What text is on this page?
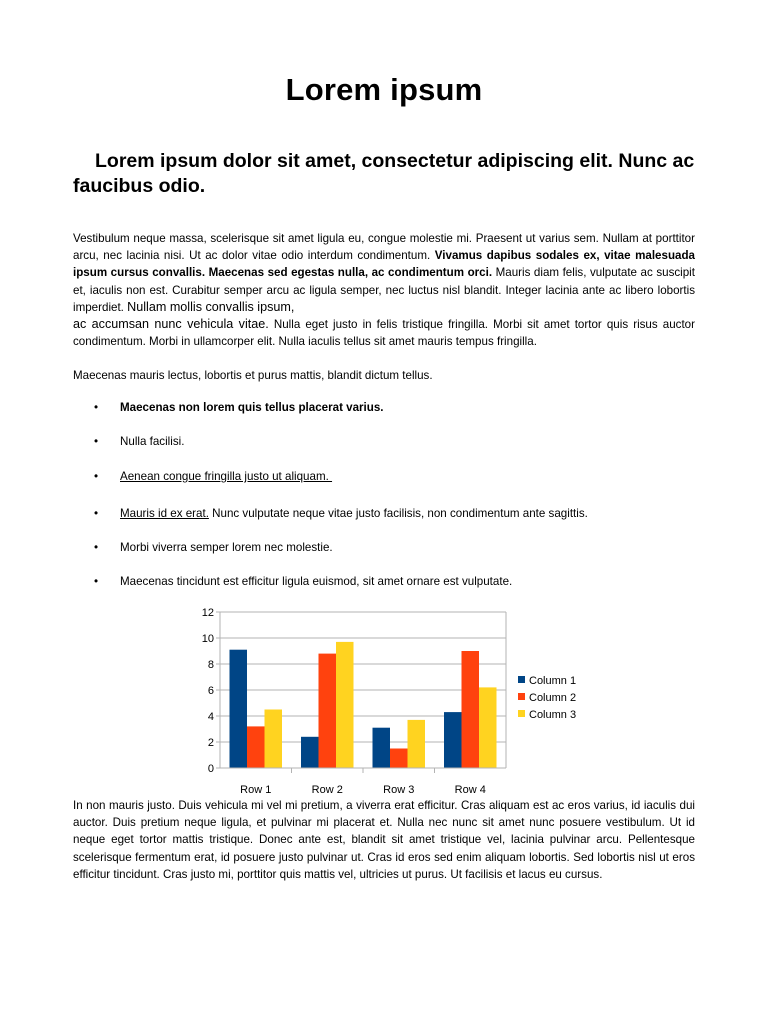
Lorem ipsum
Lorem ipsum dolor sit amet, consectetur adipiscing elit. Nunc ac faucibus odio.
Vestibulum neque massa, scelerisque sit amet ligula eu, congue molestie mi. Praesent ut varius sem. Nullam at porttitor arcu, nec lacinia nisi. Ut ac dolor vitae odio interdum condimentum. Vivamus dapibus sodales ex, vitae malesuada ipsum cursus convallis. Maecenas sed egestas nulla, ac condimentum orci. Mauris diam felis, vulputate ac suscipit et, iaculis non est. Curabitur semper arcu ac ligula semper, nec luctus nisl blandit. Integer lacinia ante ac libero lobortis imperdiet. Nullam mollis convallis ipsum,
ac accumsan nunc vehicula vitae. Nulla eget justo in felis tristique fringilla. Morbi sit amet tortor quis risus auctor condimentum. Morbi in ullamcorper elit. Nulla iaculis tellus sit amet mauris tempus fringilla.
Maecenas mauris lectus, lobortis et purus mattis, blandit dictum tellus.
• Maecenas non lorem quis tellus placerat varius.
• Nulla facilisi.
• Aenean congue fringilla justo ut aliquam.
• Mauris id ex erat. Nunc vulputate neque vitae justo facilisis, non condimentum ante sagittis.
• Morbi viverra semper lorem nec molestie.
• Maecenas tincidunt est efficitur ligula euismod, sit amet ornare est vulputate.
0
2
4
6
8
10
12
Row 1	Row 2	Row 3	Row 4
Column 1
Column 2
Column 3
In non mauris justo. Duis vehicula mi vel mi pretium, a viverra erat efficitur. Cras aliquam est ac eros varius, id iaculis dui auctor. Duis pretium neque ligula, et pulvinar mi placerat et. Nulla nec nunc sit amet nunc posuere vestibulum. Ut id neque eget tortor mattis tristique. Donec ante est, blandit sit amet tristique vel, lacinia pulvinar arcu. Pellentesque scelerisque fermentum erat, id posuere justo pulvinar ut. Cras id eros sed enim aliquam lobortis. Sed lobortis nisl ut eros efficitur tincidunt. Cras justo mi, porttitor quis mattis vel, ultricies ut purus. Ut facilisis et lacus eu cursus.
